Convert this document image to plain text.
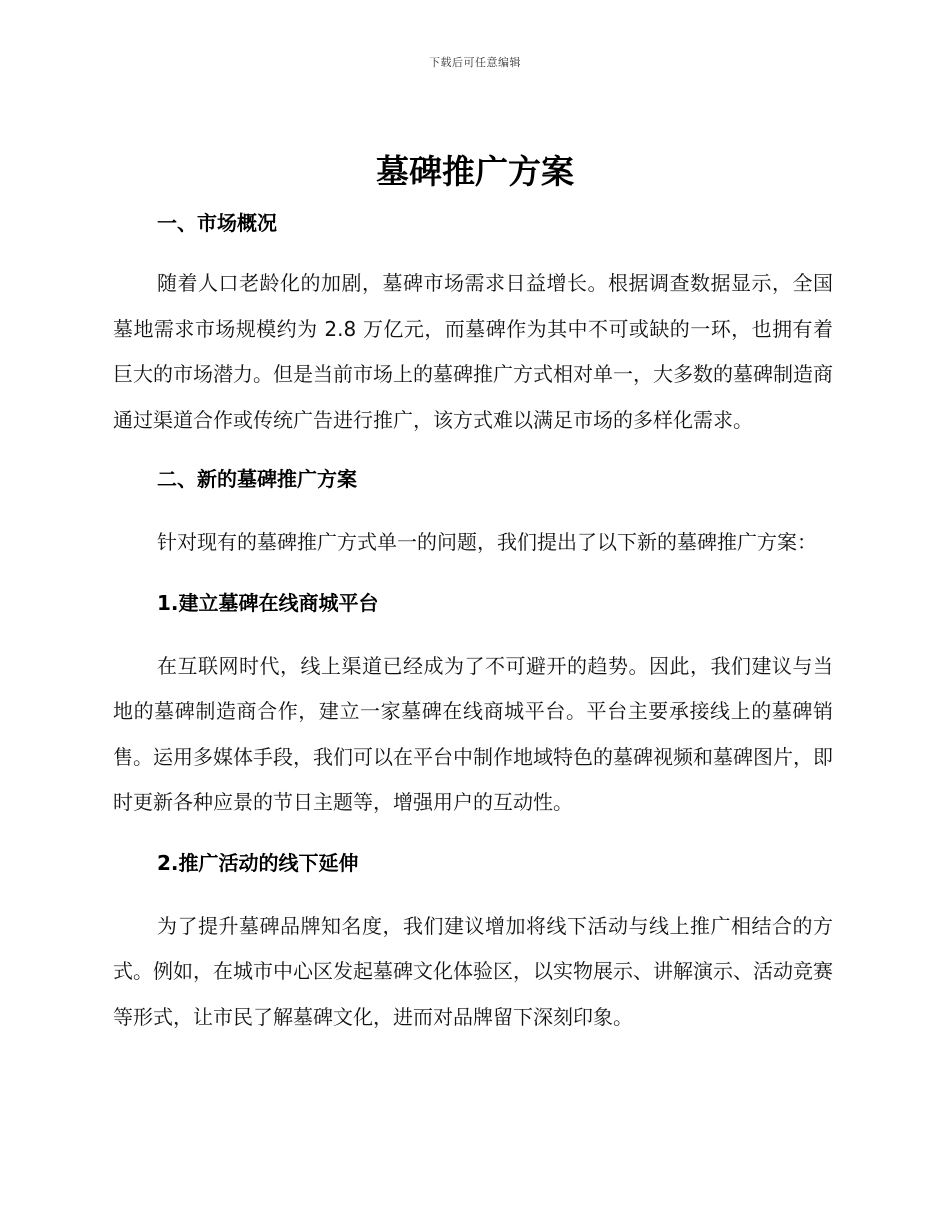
下载后可任意编辑
墓碑推广方案
一、市场概况

随着人口老龄化的加剧，墓碑市场需求日益增长。根据调查数据显示，全国墓地需求市场规模约为 2.8 万亿元，而墓碑作为其中不可或缺的一环，也拥有着巨大的市场潜力。但是当前市场上的墓碑推广方式相对单一，大多数的墓碑制造商通过渠道合作或传统广告进行推广，该方式难以满足市场的多样化需求。

二、新的墓碑推广方案

针对现有的墓碑推广方式单一的问题，我们提出了以下新的墓碑推广方案：

1.建立墓碑在线商城平台

在互联网时代，线上渠道已经成为了不可避开的趋势。因此，我们建议与当地的墓碑制造商合作，建立一家墓碑在线商城平台。平台主要承接线上的墓碑销售。运用多媒体手段，我们可以在平台中制作地域特色的墓碑视频和墓碑图片，即时更新各种应景的节日主题等，增强用户的互动性。

2.推广活动的线下延伸

为了提升墓碑品牌知名度，我们建议增加将线下活动与线上推广相结合的方式。例如，在城市中心区发起墓碑文化体验区，以实物展示、讲解演示、活动竞赛等形式，让市民了解墓碑文化，进而对品牌留下深刻印象。
